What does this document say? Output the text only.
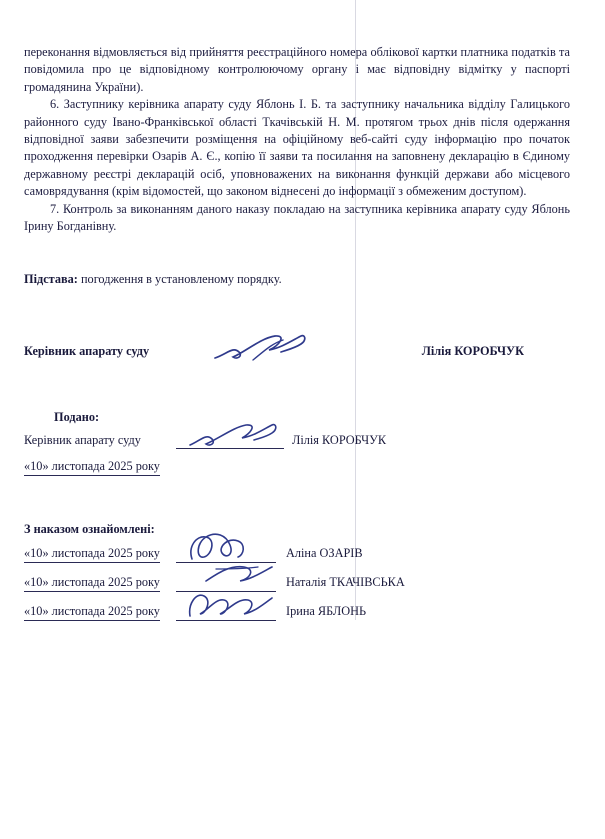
переконання відмовляється від прийняття реєстраційного номера облікової картки платника податків та повідомила про це відповідному контролюючому органу і має відповідну відмітку у паспорті громадянина України).

6. Заступнику керівника апарату суду Яблонь І. Б. та заступнику начальника відділу Галицького районного суду Івано-Франківської області Ткачівській Н. М. протягом трьох днів після одержання відповідної заяви забезпечити розміщення на офіційному веб-сайті суду інформацію про початок проходження перевірки Озарів А. Є., копію її заяви та посилання на заповнену декларацію в Єдиному державному реєстрі декларацій осіб, уповноважених на виконання функцій держави або місцевого самоврядування (крім відомостей, що законом віднесені до інформації з обмеженим доступом).

7. Контроль за виконанням даного наказу покладаю на заступника керівника апарату суду Яблонь Ірину Богданівну.

Підстава: погодження в установленому порядку.
Керівник апарату суду	Лілія КОРОБЧУК
Подано:
Керівник апарату суду	Лілія КОРОБЧУК
«10» листопада 2025 року
З наказом ознайомлені:
«10» листопада 2025 року	Аліна ОЗАРІВ
«10» листопада 2025 року	Наталія ТКАЧІВСЬКА
«10» листопада 2025 року	Ірина ЯБЛОНЬ
